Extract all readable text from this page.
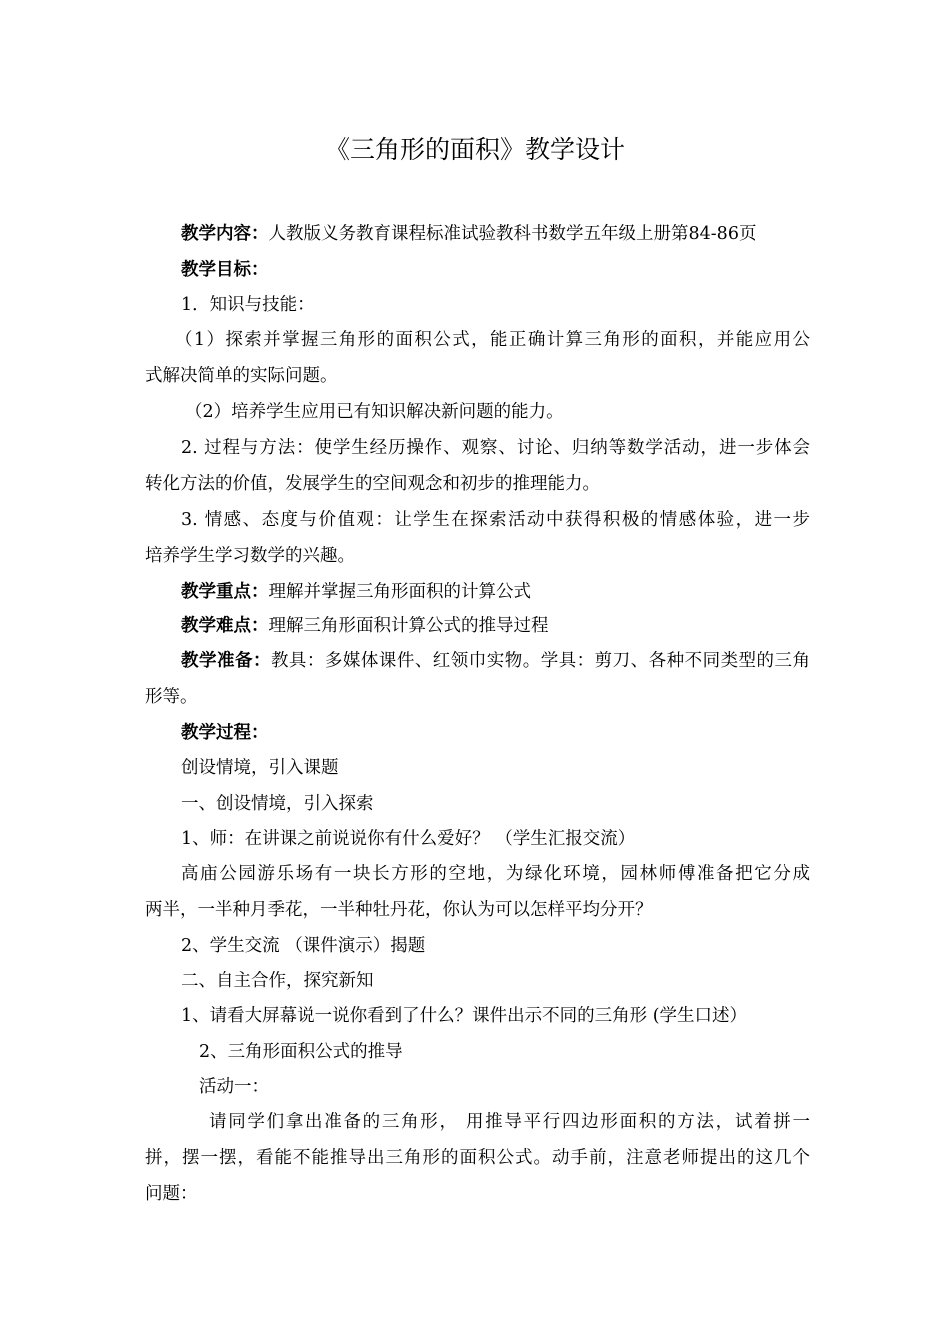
《三角形的面积》教学设计
教学内容：人教版义务教育课程标准试验教科书数学五年级上册第84-86页
教学目标：
1．知识与技能：
（1）探索并掌握三角形的面积公式，能正确计算三角形的面积，并能应用公
式解决简单的实际问题。
（2）培养学生应用已有知识解决新问题的能力。
2. 过程与方法：使学生经历操作、观察、讨论、归纳等数学活动，进一步体会
转化方法的价值，发展学生的空间观念和初步的推理能力。
3. 情感、态度与价值观：让学生在探索活动中获得积极的情感体验，进一步
培养学生学习数学的兴趣。
教学重点：理解并掌握三角形面积的计算公式
教学难点：理解三角形面积计算公式的推导过程
教学准备：教具：多媒体课件、红领巾实物。学具：剪刀、各种不同类型的三角
形等。
教学过程：
创设情境，引入课题
一、创设情境，引入探索
1、师：在讲课之前说说你有什么爱好？ （学生汇报交流）
高庙公园游乐场有一块长方形的空地，为绿化环境，园林师傅准备把它分成
两半，一半种月季花，一半种牡丹花，你认为可以怎样平均分开？
2、学生交流 （课件演示）揭题
二、自主合作，探究新知
1、请看大屏幕说一说你看到了什么？课件出示不同的三角形 (学生口述）
2、三角形面积公式的推导
活动一：
请同学们拿出准备的三角形， 用推导平行四边形面积的方法，试着拼一
拼，摆一摆，看能不能推导出三角形的面积公式。动手前，注意老师提出的这几个
问题：
